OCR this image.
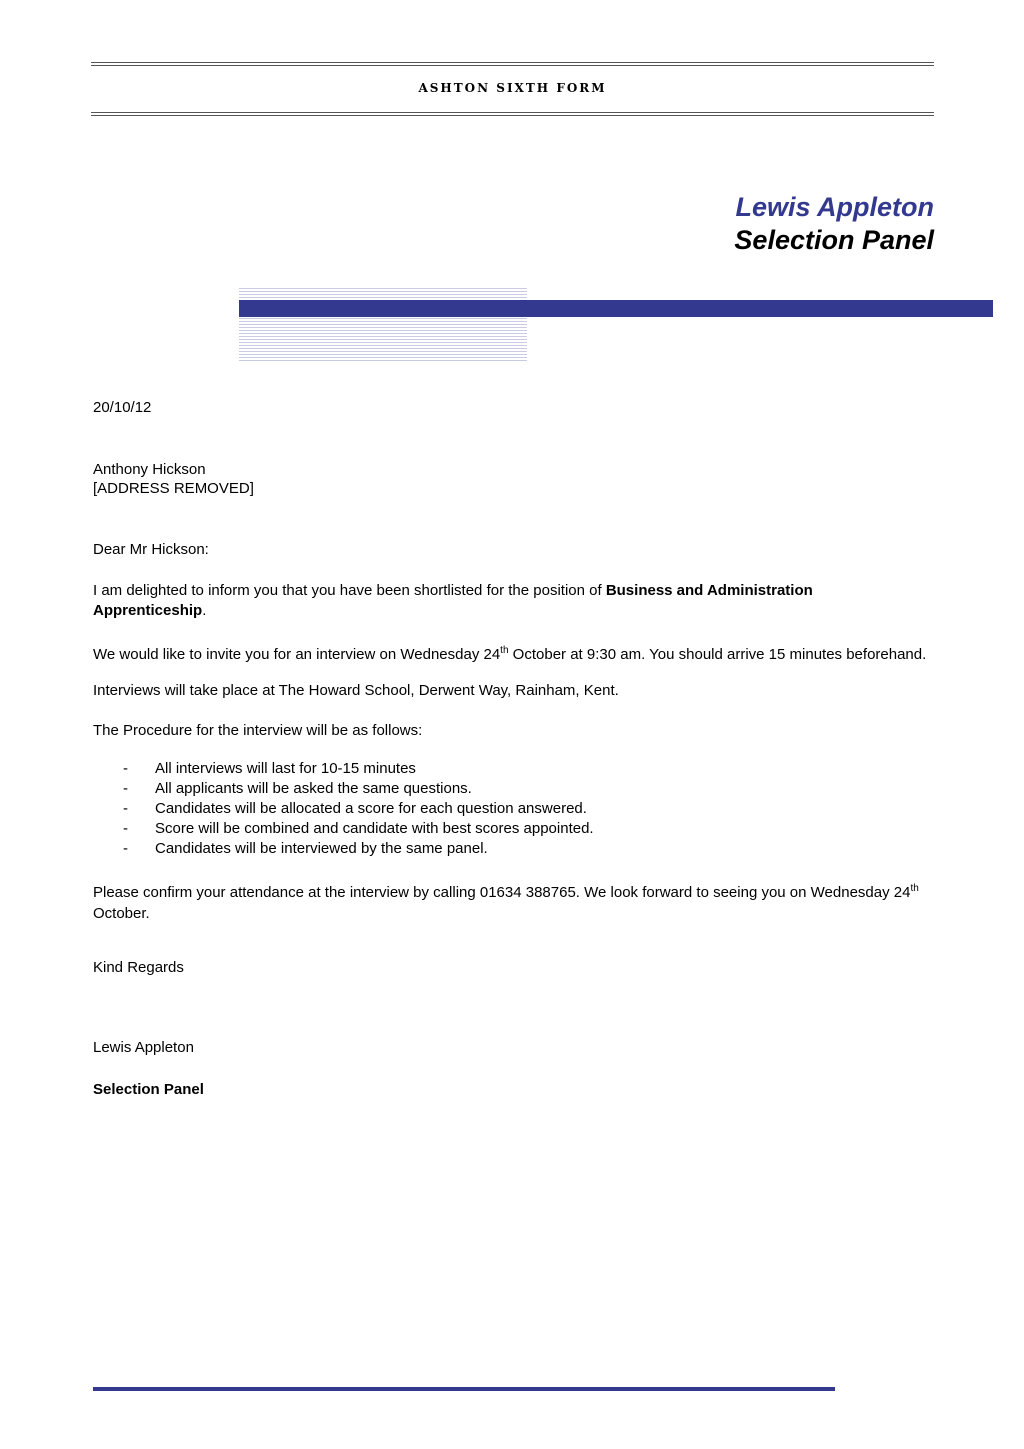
ASHTON SIXTH FORM
Lewis Appleton
Selection Panel
20/10/12
Anthony Hickson
[ADDRESS REMOVED]
Dear Mr Hickson:
I am delighted to inform you that you have been shortlisted for the position of Business and Administration Apprenticeship.
We would like to invite you for an interview on Wednesday 24th October at 9:30 am. You should arrive 15 minutes beforehand.
Interviews will take place at The Howard School, Derwent Way, Rainham, Kent.
The Procedure for the interview will be as follows:
- All interviews will last for 10-15 minutes
- All applicants will be asked the same questions.
- Candidates will be allocated a score for each question answered.
- Score will be combined and candidate with best scores appointed.
- Candidates will be interviewed by the same panel.
Please confirm your attendance at the interview by calling 01634 388765. We look forward to seeing you on Wednesday 24th October.
Kind Regards
Lewis Appleton
Selection Panel
